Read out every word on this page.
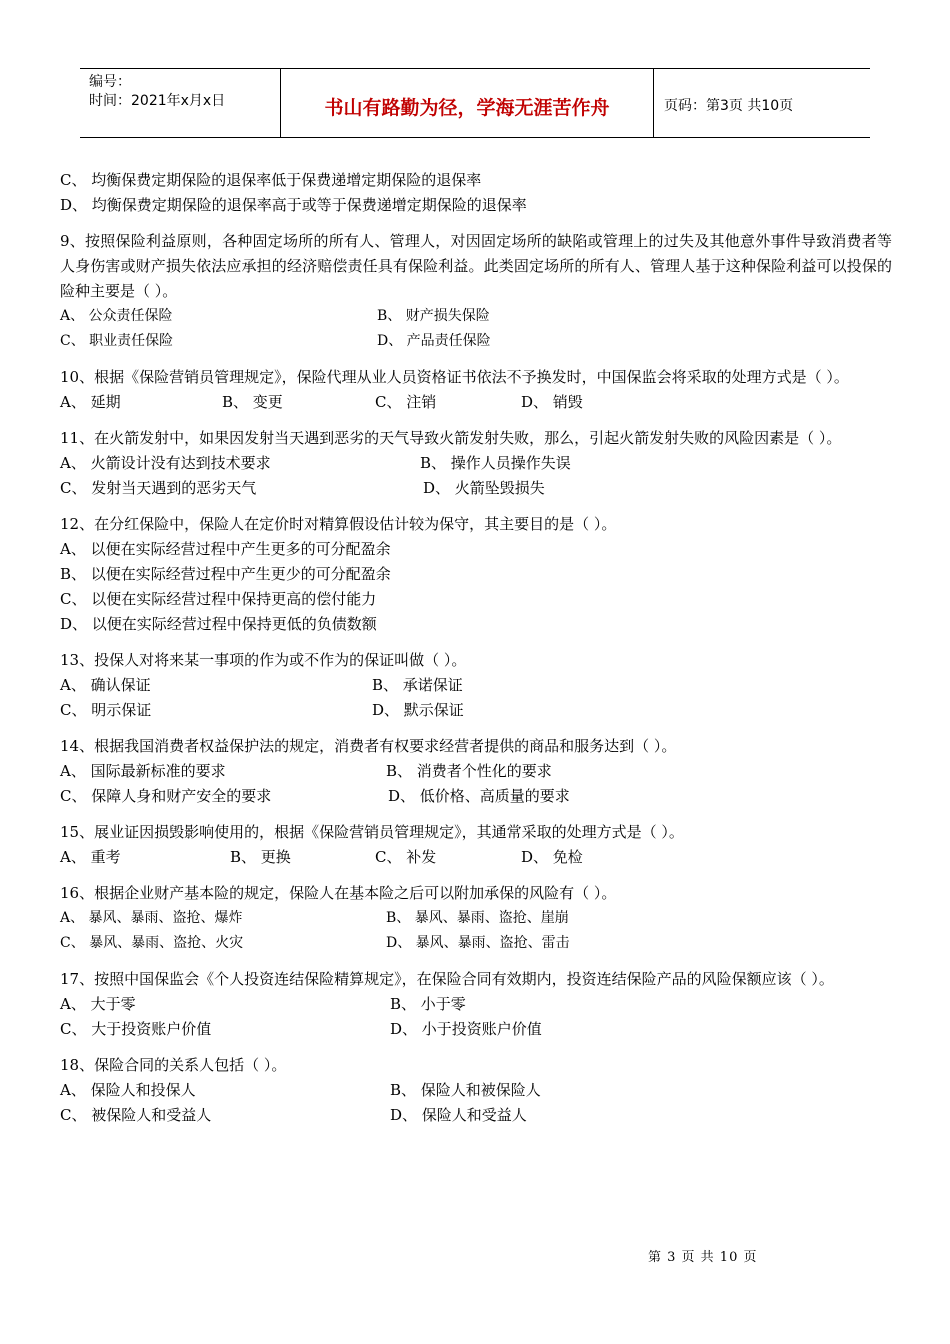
编号：
时间：2021年x月x日	书山有路勤为径，学海无涯苦作舟	页码：第3页 共10页
C、 均衡保费定期保险的退保率低于保费递增定期保险的退保率
D、 均衡保费定期保险的退保率高于或等于保费递增定期保险的退保率
9、按照保险利益原则，各种固定场所的所有人、管理人，对因固定场所的缺陷或管理上的过失及其他意外事件导致消费者等人身伤害或财产损失依法应承担的经济赔偿责任具有保险利益。此类固定场所的所有人、管理人基于这种保险利益可以投保的险种主要是（ ）。
A、 公众责任保险	B、 财产损失保险
C、 职业责任保险	D、 产品责任保险
10、根据《保险营销员管理规定》，保险代理从业人员资格证书依法不予换发时，中国保监会将采取的处理方式是（ ）。
A、 延期	B、 变更	C、 注销	D、 销毁
11、在火箭发射中，如果因发射当天遇到恶劣的天气导致火箭发射失败，那么，引起火箭发射失败的风险因素是（ ）。
A、 火箭设计没有达到技术要求	B、 操作人员操作失误
C、 发射当天遇到的恶劣天气	D、 火箭坠毁损失
12、在分红保险中，保险人在定价时对精算假设估计较为保守，其主要目的是（ ）。
A、 以便在实际经营过程中产生更多的可分配盈余
B、 以便在实际经营过程中产生更少的可分配盈余
C、 以便在实际经营过程中保持更高的偿付能力
D、 以便在实际经营过程中保持更低的负债数额
13、投保人对将来某一事项的作为或不作为的保证叫做（ ）。
A、 确认保证	B、 承诺保证
C、 明示保证	D、 默示保证
14、根据我国消费者权益保护法的规定，消费者有权要求经营者提供的商品和服务达到（ ）。
A、 国际最新标准的要求	B、 消费者个性化的要求
C、 保障人身和财产安全的要求	D、 低价格、高质量的要求
15、展业证因损毁影响使用的，根据《保险营销员管理规定》，其通常采取的处理方式是（ ）。
A、 重考	B、 更换	C、 补发	D、 免检
16、根据企业财产基本险的规定，保险人在基本险之后可以附加承保的风险有（ ）。
A、 暴风、暴雨、盗抢、爆炸	B、 暴风、暴雨、盗抢、崖崩
C、 暴风、暴雨、盗抢、火灾	D、 暴风、暴雨、盗抢、雷击
17、按照中国保监会《个人投资连结保险精算规定》，在保险合同有效期内，投资连结保险产品的风险保额应该（ ）。
A、 大于零	B、 小于零
C、 大于投资账户价值	D、 小于投资账户价值
18、保险合同的关系人包括（ ）。
A、 保险人和投保人	B、 保险人和被保险人
C、 被保险人和受益人	D、 保险人和受益人
第 3 页 共 10 页
